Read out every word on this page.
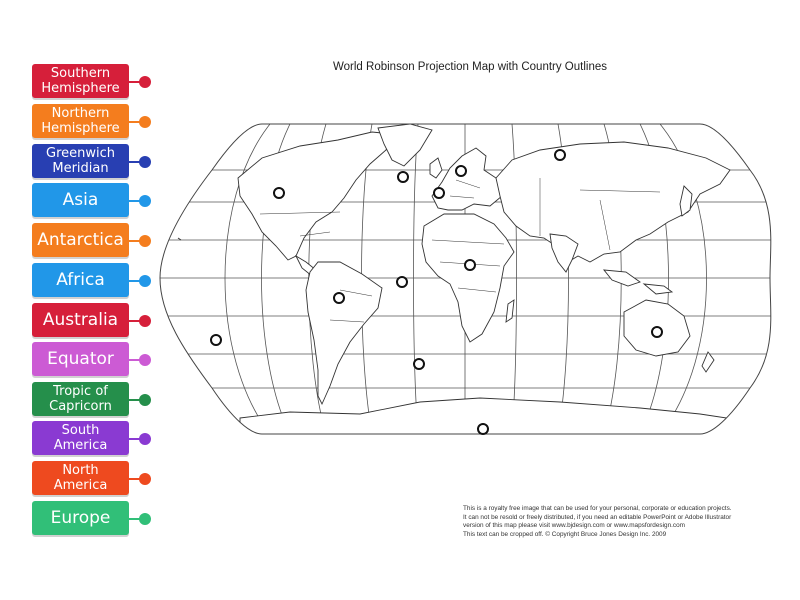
Southern Hemisphere
Northern Hemisphere
Greenwich Meridian
Asia
Antarctica
Africa
Australia
Equator
Tropic of Capricorn
South America
North America
Europe
World Robinson Projection Map with Country Outlines
This is a royalty free image that can be used for your personal, corporate or education projects.
It can not be resold or freely distributed, if you need an editable PowerPoint or Adobe Illustrator
version of this map please visit www.bjdesign.com or www.mapsfordesign.com
This text can be cropped off. © Copyright Bruce Jones Design Inc. 2009
